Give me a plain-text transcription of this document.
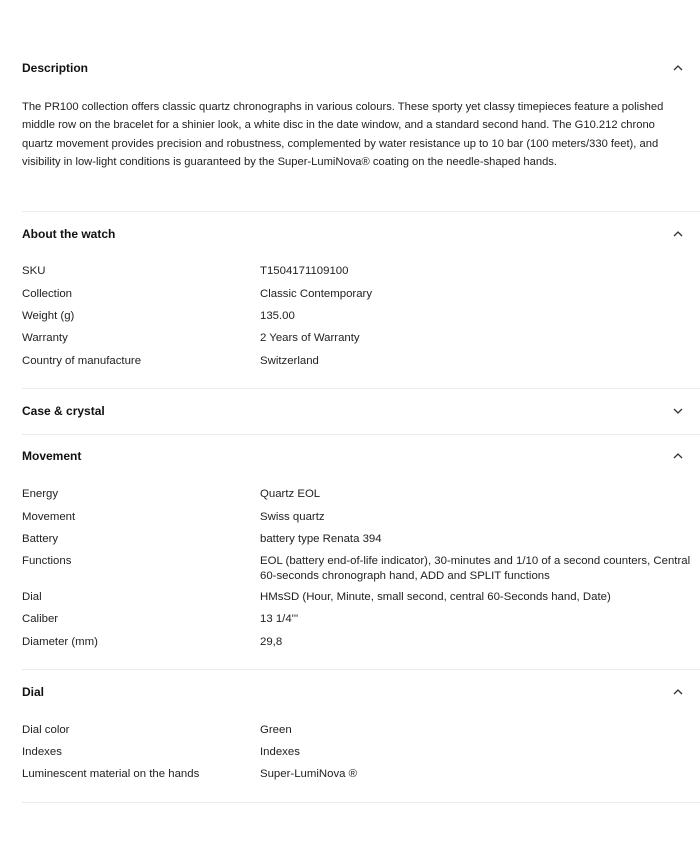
Description

The PR100 collection offers classic quartz chronographs in various colours. These sporty yet classy timepieces feature a polished middle row on the bracelet for a shinier look, a white disc in the date window, and a standard second hand. The G10.212 chrono quartz movement provides precision and robustness, complemented by water resistance up to 10 bar (100 meters/330 feet), and visibility in low-light conditions is guaranteed by the Super-LumiNova® coating on the needle-shaped hands.

About the watch
SKU	T1504171109100
Collection	Classic Contemporary
Weight (g)	135.00
Warranty	2 Years of Warranty
Country of manufacture	Switzerland
Case & crystal
Movement
Energy	Quartz EOL
Movement	Swiss quartz
Battery	battery type Renata 394
Functions	EOL (battery end-of-life indicator), 30-minutes and 1/10 of a second counters, Central 60-seconds chronograph hand, ADD and SPLIT functions
Dial	HMsSD (Hour, Minute, small second, central 60-Seconds hand, Date)
Caliber	13 1/4'''
Diameter (mm)	29,8
Dial
Dial color	Green
Indexes	Indexes
Luminescent material on the hands	Super-LumiNova ®
